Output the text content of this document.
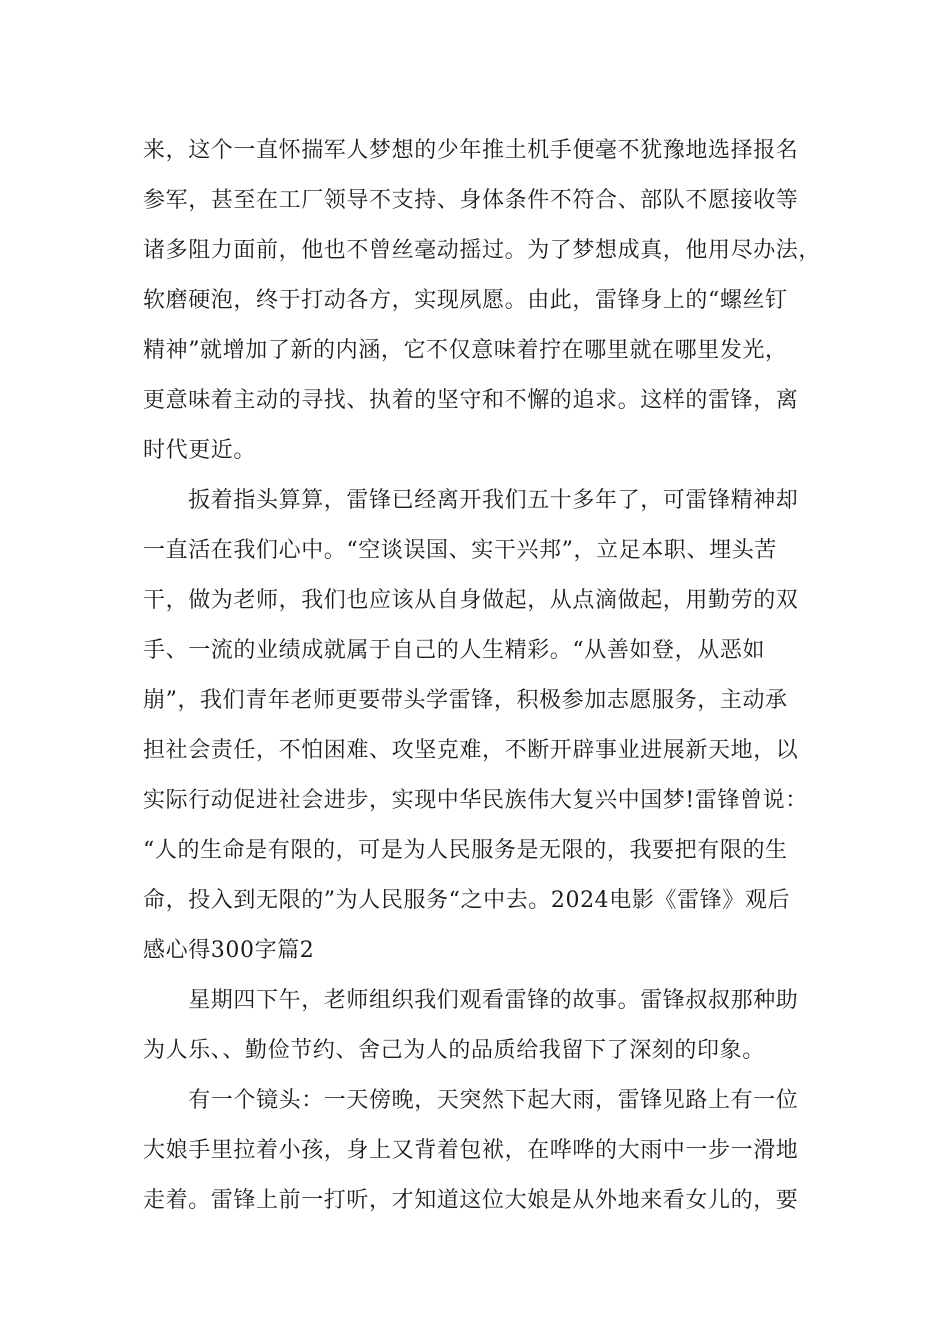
来，这个一直怀揣军人梦想的少年推土机手便毫不犹豫地选择报名
参军，甚至在工厂领导不支持、身体条件不符合、部队不愿接收等
诸多阻力面前，他也不曾丝毫动摇过。为了梦想成真，他用尽办法，
软磨硬泡，终于打动各方，实现夙愿。由此，雷锋身上的“螺丝钉
精神”就增加了新的内涵，它不仅意味着拧在哪里就在哪里发光，
更意味着主动的寻找、执着的坚守和不懈的追求。这样的雷锋，离
时代更近。
　　扳着指头算算，雷锋已经离开我们五十多年了，可雷锋精神却
一直活在我们心中。“空谈误国、实干兴邦”，立足本职、埋头苦
干，做为老师，我们也应该从自身做起，从点滴做起，用勤劳的双
手、一流的业绩成就属于自己的人生精彩。“从善如登，从恶如
崩”，我们青年老师更要带头学雷锋，积极参加志愿服务，主动承
担社会责任，不怕困难、攻坚克难，不断开辟事业进展新天地，以
实际行动促进社会进步，实现中华民族伟大复兴中国梦!雷锋曾说：
“人的生命是有限的，可是为人民服务是无限的，我要把有限的生
命，投入到无限的”为人民服务“之中去。2024电影《雷锋》观后
感心得300字篇2
　　星期四下午，老师组织我们观看雷锋的故事。雷锋叔叔那种助
为人乐、、勤俭节约、舍己为人的品质给我留下了深刻的印象。
　　有一个镜头：一天傍晚，天突然下起大雨，雷锋见路上有一位
大娘手里拉着小孩，身上又背着包袱，在哗哗的大雨中一步一滑地
走着。雷锋上前一打听，才知道这位大娘是从外地来看女儿的，要
